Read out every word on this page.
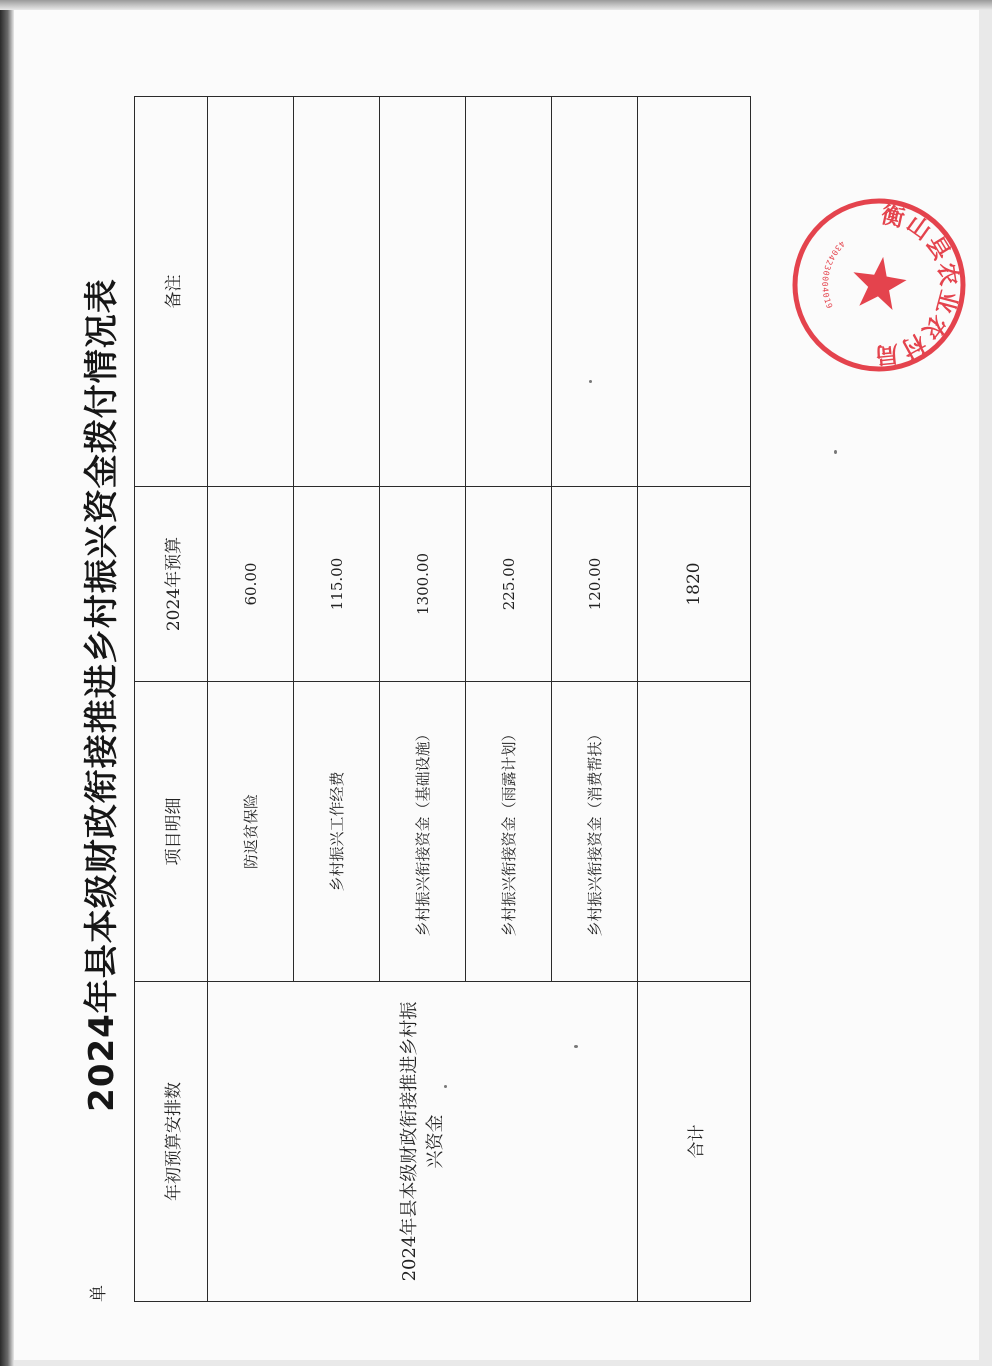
2024年县本级财政衔接推进乡村振兴资金拨付情况表
单
年初预算安排数	项目明细	2024年预算	备注
2024年县本级财政衔接推进乡村振兴资金	防返贫保险	60.00	
	乡村振兴工作经费	115.00	
	乡村振兴衔接资金（基础设施）	1300.00	
	乡村振兴衔接资金（雨露计划）	225.00	
	乡村振兴衔接资金（消费帮扶）	120.00	
合计		1820	
衡山县农业农村局
4304230004019
